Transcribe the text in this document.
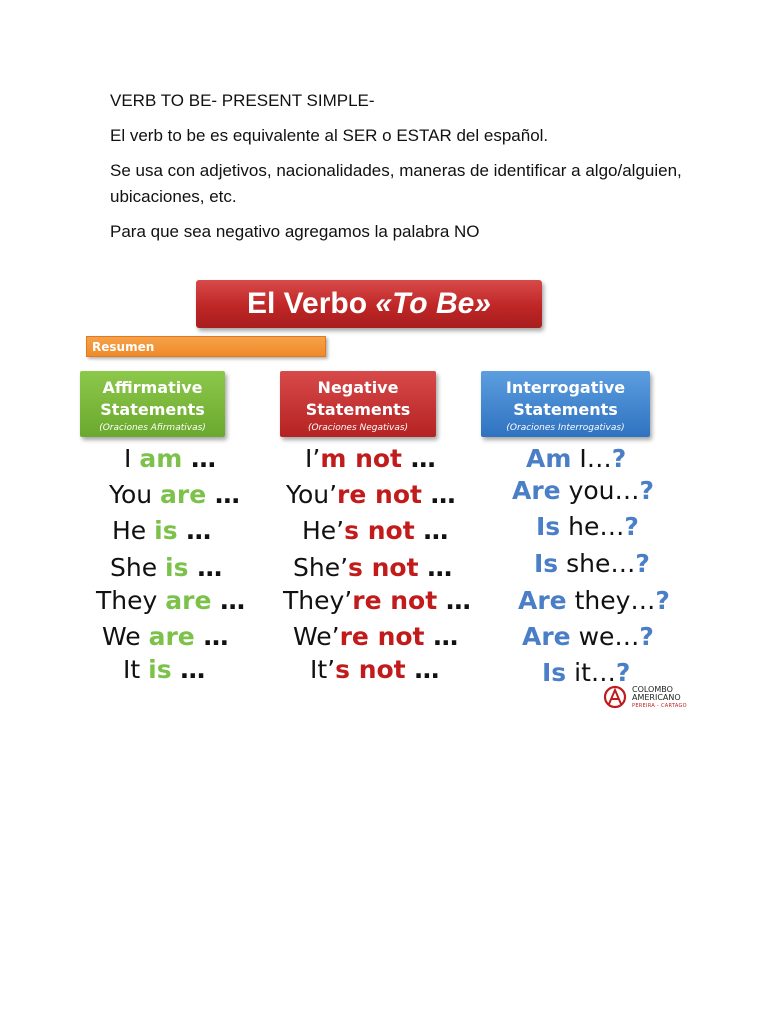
VERB TO BE- PRESENT SIMPLE-

El verb to be es equivalente al SER o ESTAR del español.

Se usa con adjetivos, nacionalidades, maneras de identificar a algo/alguien, ubicaciones, etc.

Para que sea negativo agregamos la palabra NO

El Verbo «To Be»
Resumen
Affirmative
Statements
(Oraciones Afirmativas)
Negative
Statements
(Oraciones Negativas)
Interrogative
Statements
(Oraciones Interrogativas)
I am …
You are …
He is …
She is …
They are …
We are …
It is …
I’m not …
You’re not …
He’s not …
She’s not …
They’re not …
We’re not …
It’s not …
Am I…?
Are you…?
Is he…?
Is she…?
Are they…?
Are we…?
Is it…?
COLOMBO
AMERICANO
PEREIRA - CARTAGO
